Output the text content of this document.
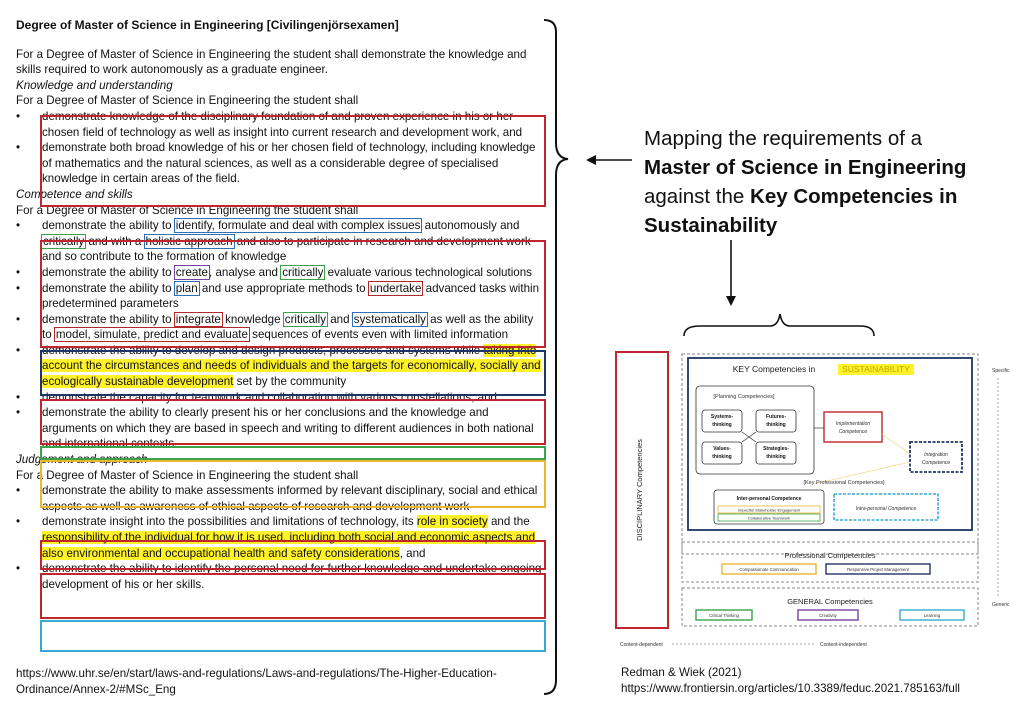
Degree of Master of Science in Engineering [Civilingenjörsexamen]
For a Degree of Master of Science in Engineering the student shall demonstrate the knowledge and skills required to work autonomously as a graduate engineer.
Knowledge and understanding
For a Degree of Master of Science in Engineering the student shall
• demonstrate knowledge of the disciplinary foundation of and proven experience in his or her chosen field of technology as well as insight into current research and development work, and
• demonstrate both broad knowledge of his or her chosen field of technology, including knowledge of mathematics and the natural sciences, as well as a considerable degree of specialised knowledge in certain areas of the field.
Competence and skills
For a Degree of Master of Science in Engineering the student shall
• demonstrate the ability to identify, formulate and deal with complex issues autonomously and critically and with a holistic approach and also to participate in research and development work and so contribute to the formation of knowledge
• demonstrate the ability to create, analyse and critically evaluate various technological solutions
• demonstrate the ability to plan and use appropriate methods to undertake advanced tasks within predetermined parameters
• demonstrate the ability to integrate knowledge critically and systematically as well as the ability to model, simulate, predict and evaluate sequences of events even with limited information
• demonstrate the ability to develop and design products, processes and systems while taking into account the circumstances and needs of individuals and the targets for economically, socially and ecologically sustainable development set by the community
• demonstrate the capacity for teamwork and collaboration with various constellations, and
• demonstrate the ability to clearly present his or her conclusions and the knowledge and arguments on which they are based in speech and writing to different audiences in both national and international contexts.
Judgement and approach
For a Degree of Master of Science in Engineering the student shall
• demonstrate the ability to make assessments informed by relevant disciplinary, social and ethical aspects as well as awareness of ethical aspects of research and development work
• demonstrate insight into the possibilities and limitations of technology, its role in society and the responsibility of the individual for how it is used, including both social and economic aspects and also environmental and occupational health and safety considerations, and
• demonstrate the ability to identify the personal need for further knowledge and undertake ongoing development of his or her skills.
https://www.uhr.se/en/start/laws-and-regulations/Laws-and-regulations/The-Higher-Education-
Ordinance/Annex-2/#MSc_Eng
Mapping the requirements of a
Master of Science in Engineering
against the Key Competencies in
Sustainability
DISCIPLINARY Competencies
KEY Competencies in	SUSTAINABILITY
[Planning Competencies]
Systems-
thinking
Futures-
thinking
Values-
thinking
Strategies-
thinking
Implementation
Competence
Integration
Competence
[Key Professional Competencies]
Inter-personal Competence
Impactful Stakeholder Engagement
Collaborative Teamwork
Intra-personal Competence
Professional Competencies
Compassionate Communication	Responsive Project Management
GENERAL Competencies
Critical Thinking	Creativity	Learning
Content-dependent	Content-independent
Specific
Generic
Redman & Wiek (2021)
https://www.frontiersin.org/articles/10.3389/feduc.2021.785163/full
